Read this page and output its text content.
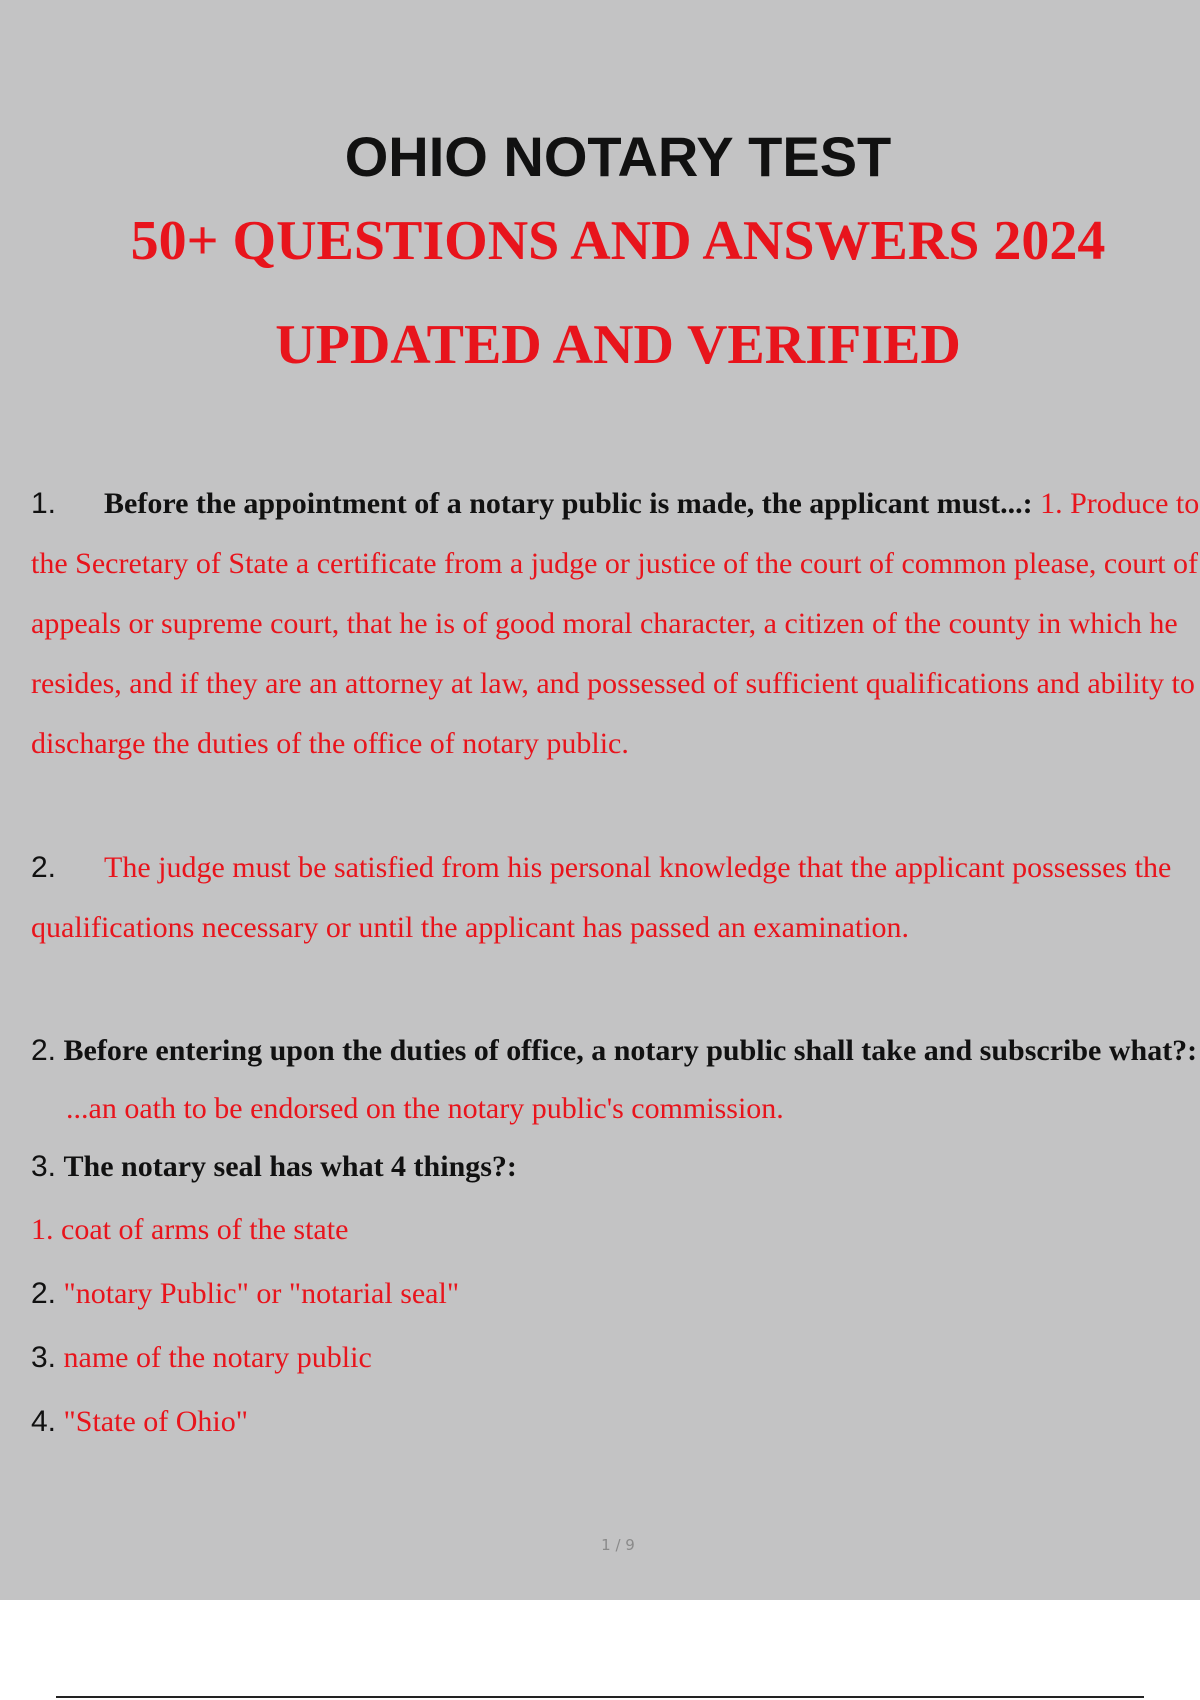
OHIO NOTARY TEST
50+ QUESTIONS AND ANSWERS 2024
UPDATED AND VERIFIED

1. Before the appointment of a notary public is made, the applicant must...: 1. Produce to the Secretary of State a certificate from a judge or justice of the court of common please, court of appeals or supreme court, that he is of good moral character, a citizen of the county in which he resides, and if they are an attorney at law, and possessed of sufficient qualifications and ability to discharge the duties of the office of notary public.

2. The judge must be satisfied from his personal knowledge that the applicant possesses the qualifications necessary or until the applicant has passed an examination.

2. Before entering upon the duties of office, a notary public shall take and subscribe what?: ...an oath to be endorsed on the notary public's commission.

3. The notary seal has what 4 things?:

1. coat of arms of the state

2. "notary Public" or "notarial seal"

3. name of the notary public

4. "State of Ohio"

1 / 9
